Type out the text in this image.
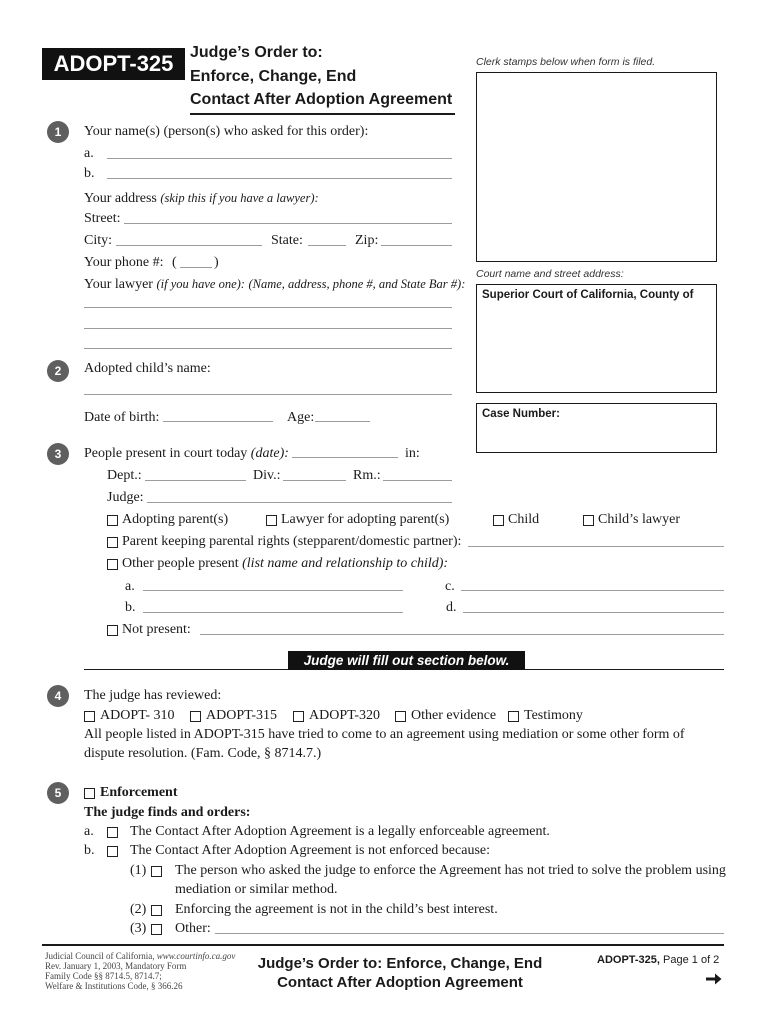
ADOPT-325	Judge’s Order to:
Enforce, Change, End
Contact After Adoption Agreement
Clerk stamps below when form is filed.
Court name and street address:
Superior Court of California, County of
Case Number:
1	Your name(s) (person(s) who asked for this order):
a.
b.
Your address (skip this if you have a lawyer):
Street:
City:	State:	Zip:
Your phone #: (	)
Your lawyer (if you have one): (Name, address, phone #, and State Bar #):
2	Adopted child’s name:
Date of birth:	Age:
3	People present in court today (date):	in:
Dept.:	Div.:	Rm.:
Judge:
Adopting parent(s)	Lawyer for adopting parent(s)	Child	Child’s lawyer
Parent keeping parental rights (stepparent/domestic partner):
Other people present (list name and relationship to child):
a.	c.
b.	d.
Not present:
Judge will fill out section below.
4	The judge has reviewed:
ADOPT- 310 ADOPT-315 ADOPT-320 Other evidence Testimony
All people listed in ADOPT-315 have tried to come to an agreement using mediation or some other form of
dispute resolution. (Fam. Code, § 8714.7.)
5	Enforcement
The judge finds and orders:
a.	The Contact After Adoption Agreement is a legally enforceable agreement.
b.	The Contact After Adoption Agreement is not enforced because:
(1) The person who asked the judge to enforce the Agreement has not tried to solve the problem using
mediation or similar method.
(2) Enforcing the agreement is not in the child’s best interest.
(3) Other:
Judicial Council of California, www.courtinfo.ca.gov
Rev. January 1, 2003, Mandatory Form
Family Code §§ 8714.5, 8714.7;
Welfare & Institutions Code, § 366.26
Judge’s Order to: Enforce, Change, End
Contact After Adoption Agreement
ADOPT-325, Page 1 of 2
